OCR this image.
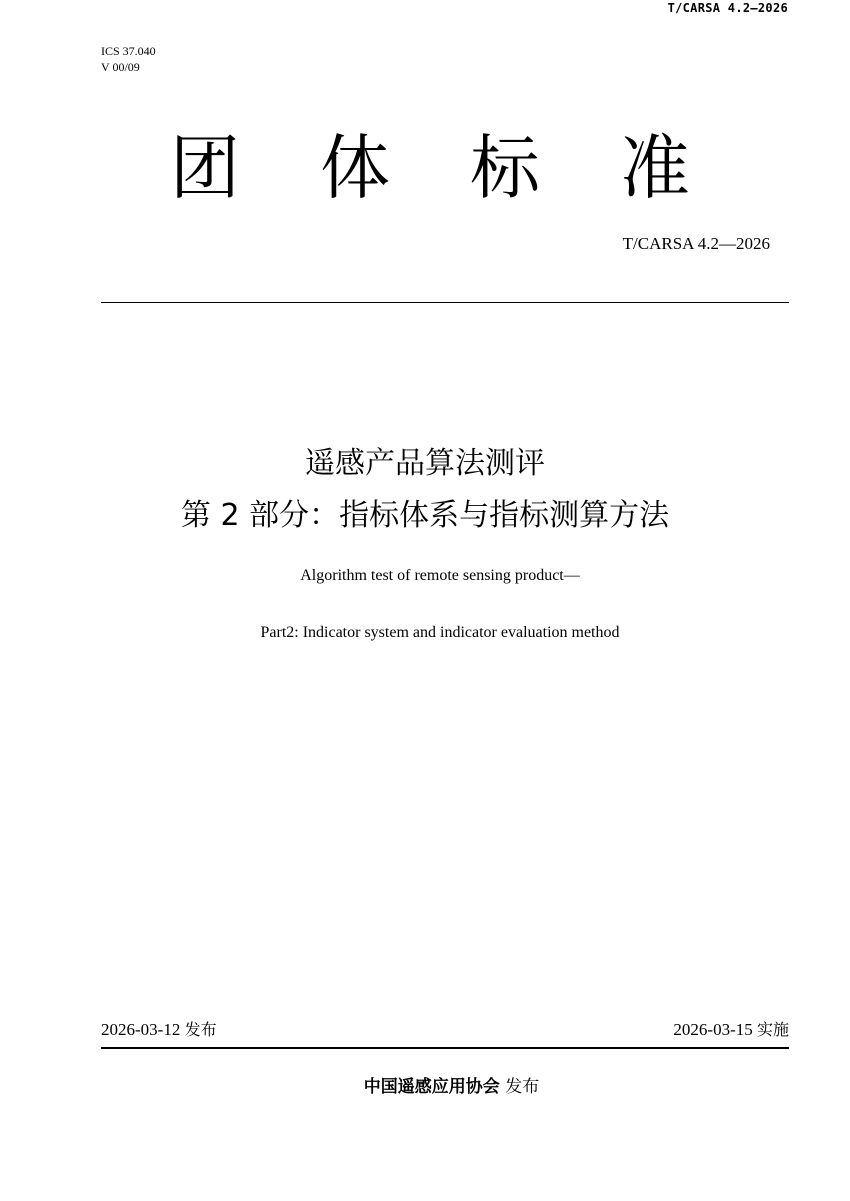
T/CARSA 4.2—2026
ICS 37.040
V 00/09
团 体 标 准
T/CARSA 4.2—2026
遥感产品算法测评
第 2 部分：指标体系与指标测算方法
Algorithm test of remote sensing product—
Part2: Indicator system and indicator evaluation method
2026-03-12 发布	2026-03-15 实施
中国遥感应用协会 发布
